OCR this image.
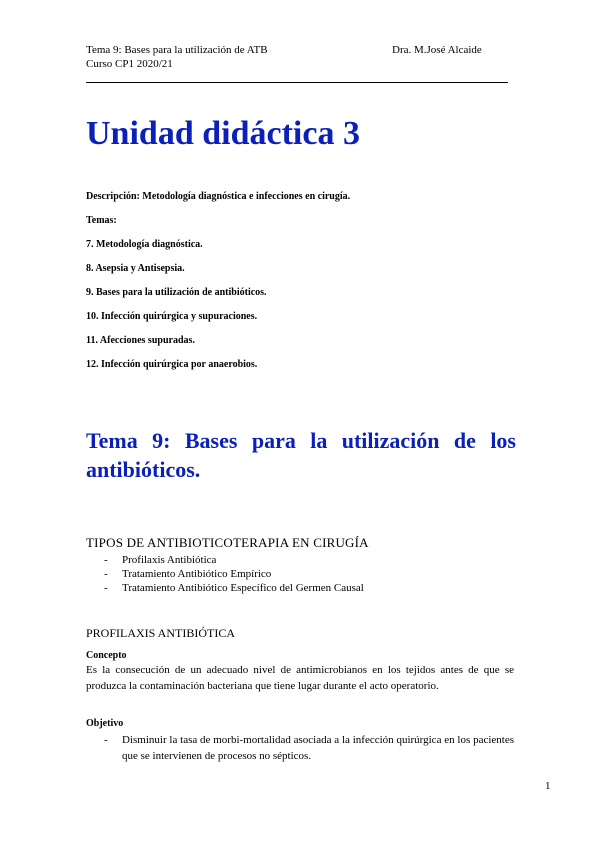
Tema 9: Bases para la utilización de ATB
Curso CP1 2020/21
Dra. M.José Alcaide
Unidad didáctica 3
Descripción: Metodología diagnóstica e infecciones en cirugía.
Temas:
7. Metodología diagnóstica.
8. Asepsia y Antisepsia.
9. Bases para la utilización de antibióticos.
10. Infección quirúrgica y supuraciones.
11. Afecciones supuradas.
12. Infección quirúrgica por anaerobios.
Tema 9: Bases para la utilización de los antibióticos.
TIPOS DE ANTIBIOTICOTERAPIA EN CIRUGÍA
- Profilaxis Antibiótica
- Tratamiento Antibiótico Empírico
- Tratamiento Antibiótico Específico del Germen Causal
PROFILAXIS ANTIBIÓTICA
Concepto
Es la consecución de un adecuado nivel de antimicrobianos en los tejidos antes de que se produzca la contaminación bacteriana que tiene lugar durante el acto operatorio.
Objetivo
- Disminuir la tasa de morbi-mortalidad asociada a la infección quirúrgica en los pacientes que se intervienen de procesos no sépticos.
1
